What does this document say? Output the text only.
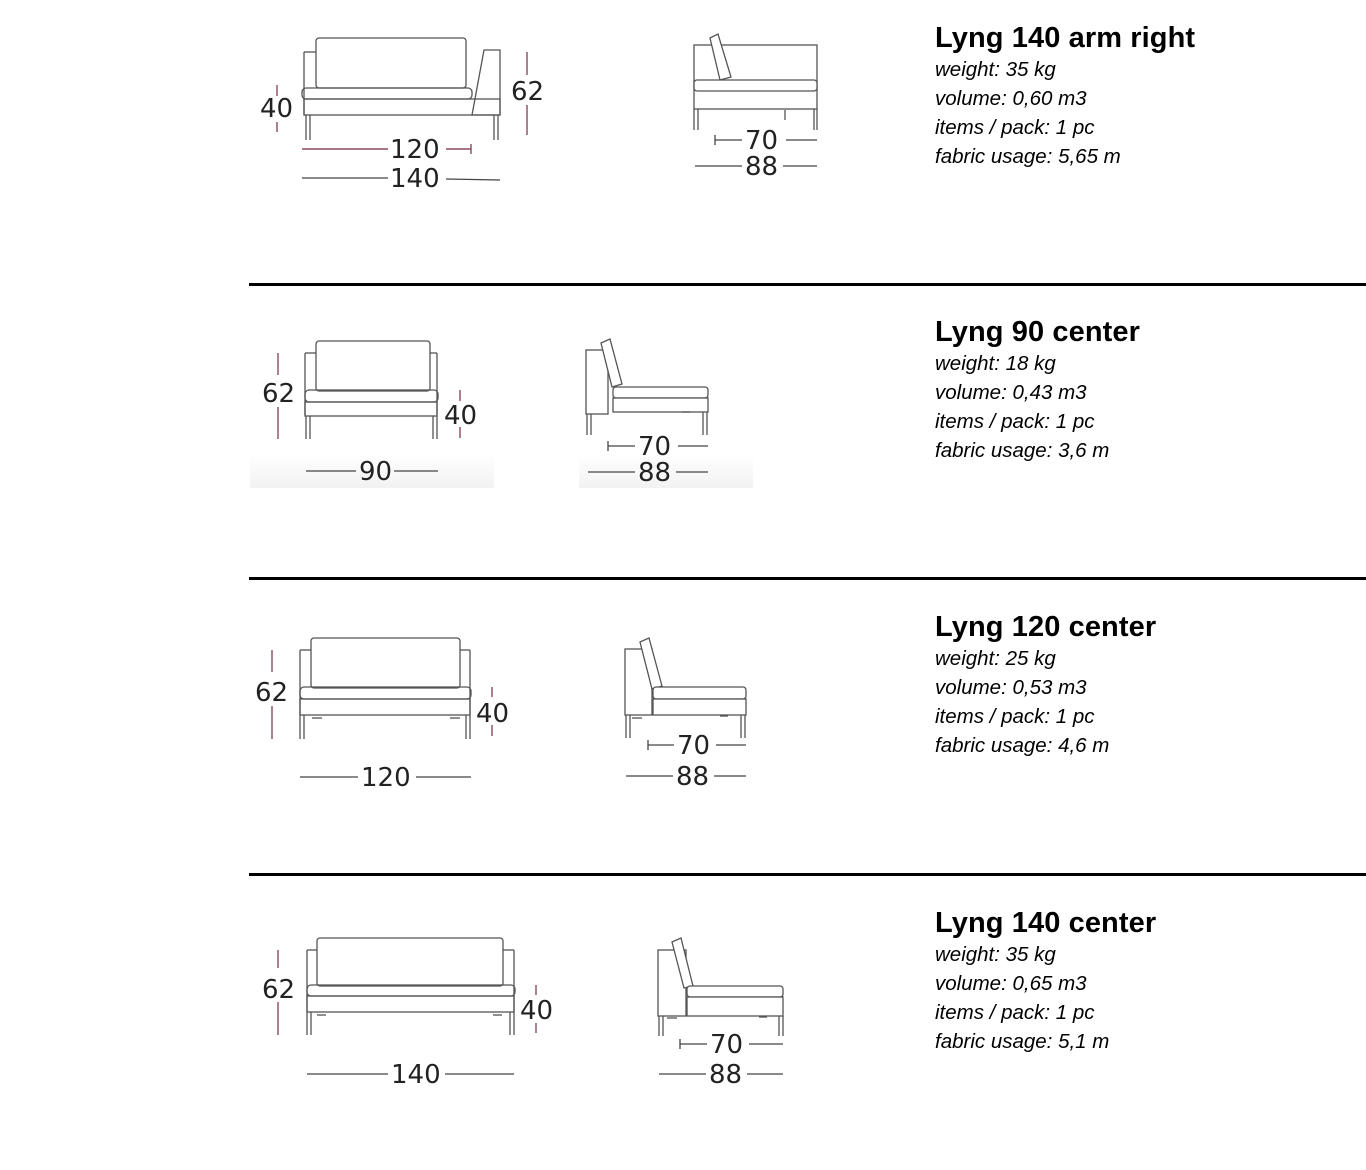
40
62
120
140
70
88
Lyng 140 arm right
weight: 35 kg
volume: 0,60 m3
items / pack: 1 pc
fabric usage: 5,65 m
62
40
90
70
88
Lyng 90 center
weight: 18 kg
volume: 0,43 m3
items / pack: 1 pc
fabric usage: 3,6 m
62
40
120
70
88
Lyng 120 center
weight: 25 kg
volume: 0,53 m3
items / pack: 1 pc
fabric usage: 4,6 m
62
40
140
70
88
Lyng 140 center
weight: 35 kg
volume: 0,65 m3
items / pack: 1 pc
fabric usage: 5,1 m
